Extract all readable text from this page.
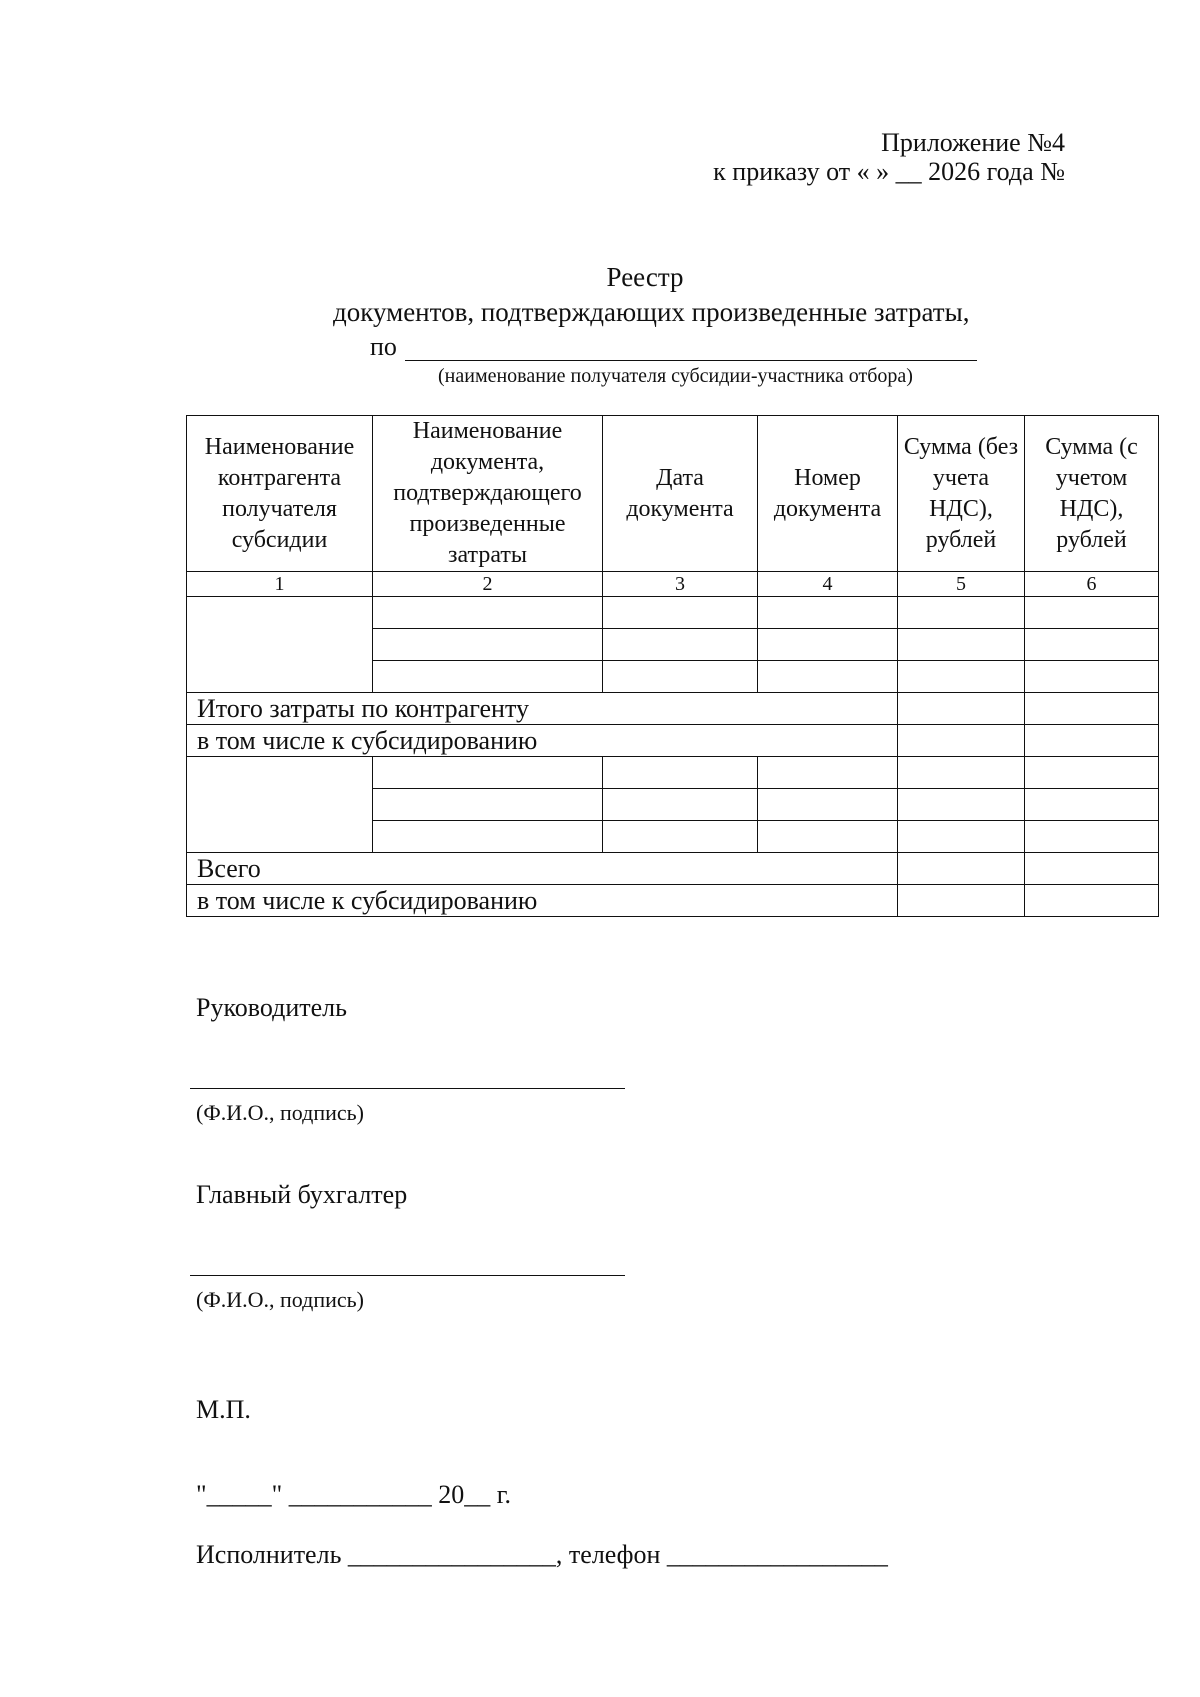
Приложение №4
к приказу от « » __ 2026 года №
Реестр
документов, подтверждающих произведенные затраты,
по
(наименование получателя субсидии-участника отбора)
Наименование контрагента получателя субсидии	Наименование документа, подтверждающего произведенные затраты	Дата документа	Номер документа	Сумма (без учета НДС), рублей	Сумма (с учетом НДС), рублей
1	2	3	4	5	6

Итого затраты по контрагенту					
в том числе к субсидированию					

Всего					
в том числе к субсидированию					
Руководитель
(Ф.И.О., подпись)
Главный бухгалтер
(Ф.И.О., подпись)
М.П.
"_____" ___________ 20__ г.
Исполнитель ________________, телефон _________________
